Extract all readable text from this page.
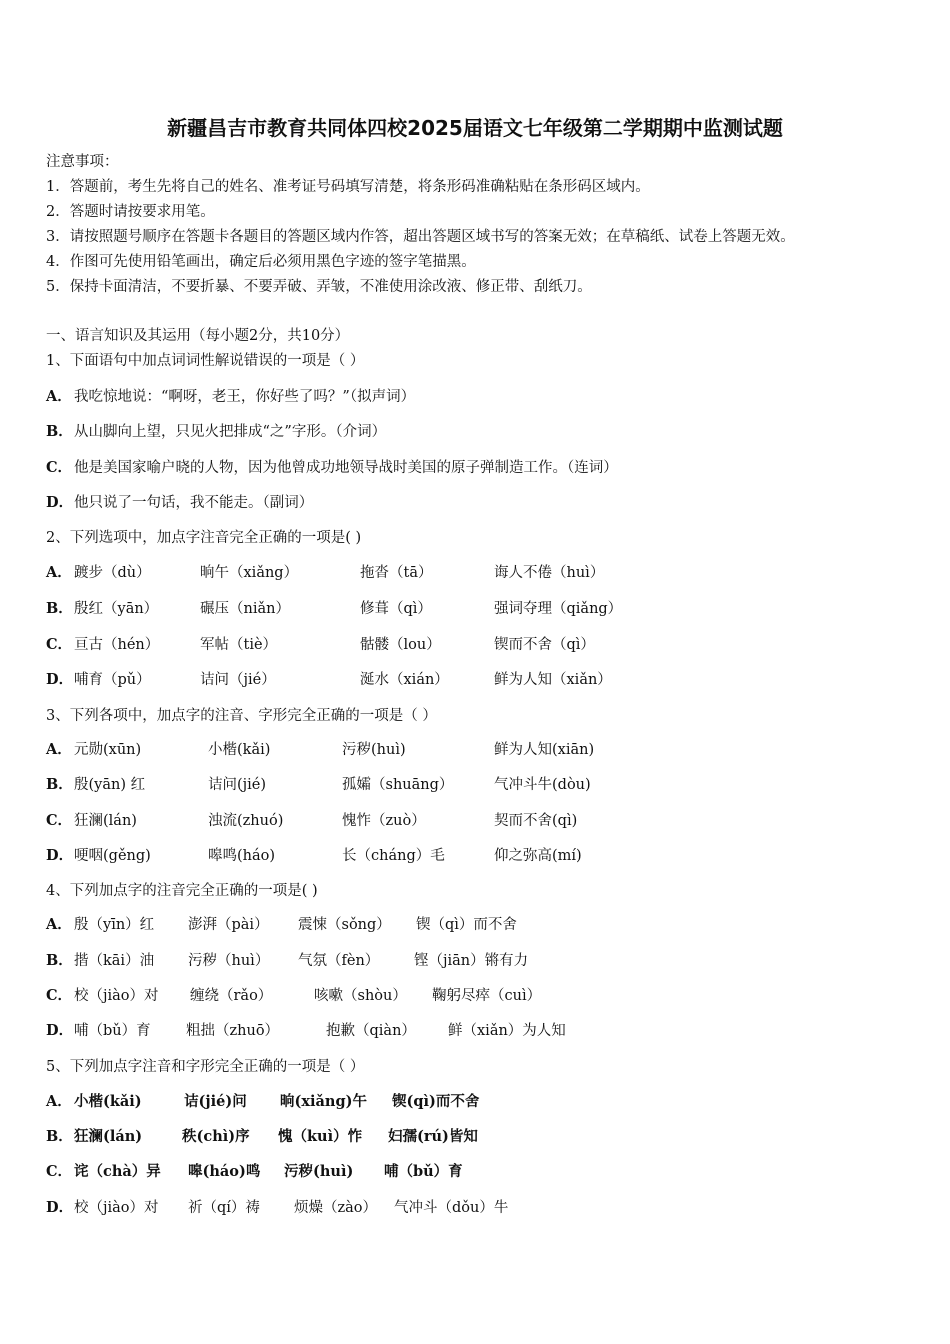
新疆昌吉市教育共同体四校2025届语文七年级第二学期期中监测试题
注意事项：
1．答题前，考生先将自己的姓名、准考证号码填写清楚，将条形码准确粘贴在条形码区域内。
2．答题时请按要求用笔。
3．请按照题号顺序在答题卡各题目的答题区域内作答，超出答题区域书写的答案无效；在草稿纸、试卷上答题无效。
4．作图可先使用铅笔画出，确定后必须用黑色字迹的签字笔描黑。
5．保持卡面清洁，不要折暴、不要弄破、弄皱，不准使用涂改液、修正带、刮纸刀。
一、语言知识及其运用（每小题2分，共10分）
1、下面语句中加点词词性解说错误的一项是（ ）
A． 我吃惊地说：“啊呀，老王，你好些了吗？”（拟声词）
B． 从山脚向上望，只见火把排成“之”字形。（介词）
C． 他是美国家喻户晓的人物，因为他曾成功地领导战时美国的原子弹制造工作。（连词）
D． 他只说了一句话，我不能走。（副词）
2、下列选项中，加点字注音完全正确的一项是( )
A． 踱步（dù）	晌午（xiǎng）	拖沓（tā）	诲人不倦（huì）
B． 殷红（yān）	碾压（niǎn）	修葺（qì）	强词夺理（qiǎng）
C． 亘古（hén）	军帖（tiè）	骷髅（lou）	锲而不舍（qì）
D． 哺育（pǔ）	诘问（jié）	涎水（xián）	鲜为人知（xiǎn）
3、下列各项中，加点字的注音、字形完全正确的一项是（ ）
A． 元勋(xūn)	小楷(kǎi)	污秽(huì)	鲜为人知(xiān)
B． 殷(yān) 红	诘问(jié)	孤孀（shuāng）	气冲斗牛(dòu)
C． 狂澜(lán)	浊流(zhuó)	愧怍（zuò）	契而不舍(qì)
D． 哽咽(gěng)	嗥鸣(háo)	长（cháng）毛	仰之弥高(mí)
4、下列加点字的注音完全正确的一项是( )
A． 殷（yīn）红 澎湃（pài） 震悚（sǒng） 锲（qì）而不舍
B． 揩（kāi）油 污秽（huì） 气氛（fèn） 铿（jiān）锵有力
C． 校（jiào）对 缠绕（rǎo）	咳嗽（shòu） 鞠躬尽瘁（cuì）
D． 哺（bǔ）育 粗拙（zhuō）	抱歉（qiàn） 鲜（xiǎn）为人知
5、下列加点字注音和字形完全正确的一项是（ ）
A． 小楷(kǎi)	诘(jié)问 晌(xiǎng)午 锲(qì)而不舍
B． 狂澜(lán)	秩(chì)序 愧（kuì）怍 妇孺(rú)皆知
C． 诧（chà）异 嗥(háo)鸣 污秽(huì) 哺（bǔ）育
D． 校（jiào）对 祈（qí）祷 烦燥（zào） 气冲斗（dǒu）牛
